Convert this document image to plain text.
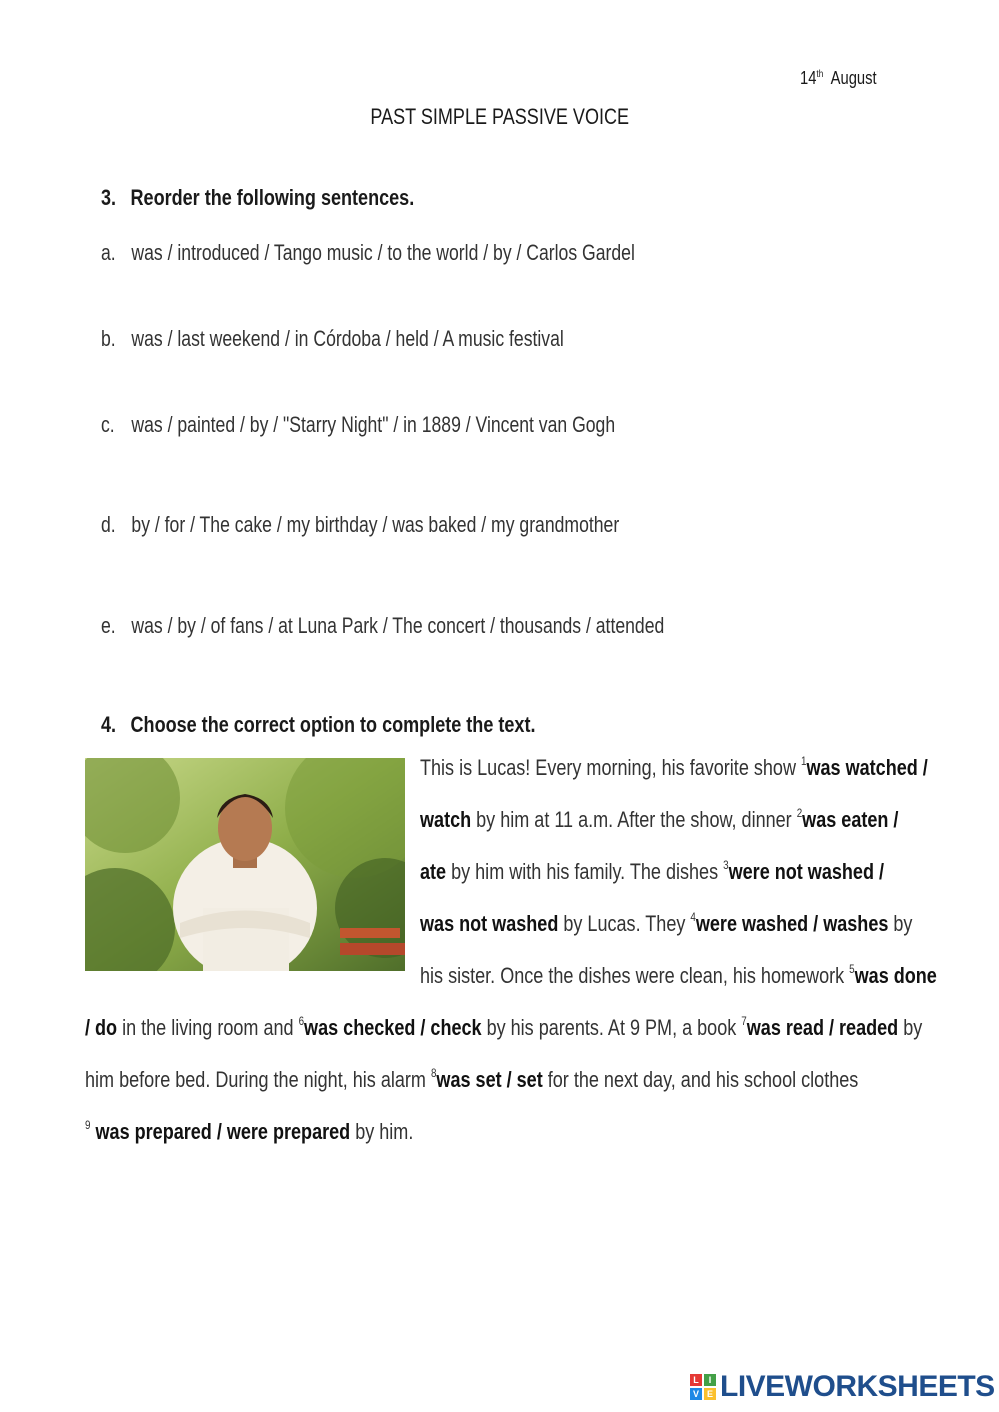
14th August
PAST SIMPLE PASSIVE VOICE
3. Reorder the following sentences.
a. was / introduced / Tango music / to the world / by / Carlos Gardel
b. was / last weekend / in Córdoba / held / A music festival
c. was / painted / by / "Starry Night" / in 1889 / Vincent van Gogh
d. by / for / The cake / my birthday / was baked / my grandmother
e. was / by / of fans / at Luna Park / The concert / thousands / attended
4. Choose the correct option to complete the text.
This is Lucas! Every morning, his favorite show $^1$was watched /
watch by him at 11 a.m. After the show, dinner $^2$was eaten /
ate by him with his family. The dishes $^3$were not washed /
was not washed by Lucas. They $^4$were washed / washes by
his sister. Once the dishes were clean, his homework $^5$was done
/ do in the living room and $^6$was checked / check by his parents. At 9 PM, a book $^7$was read / readed by
him before bed. During the night, his alarm $^8$was set / set for the next day, and his school clothes
$^9$ was prepared / were prepared by him.
L	I
V E LIVEWORKSHEETS
